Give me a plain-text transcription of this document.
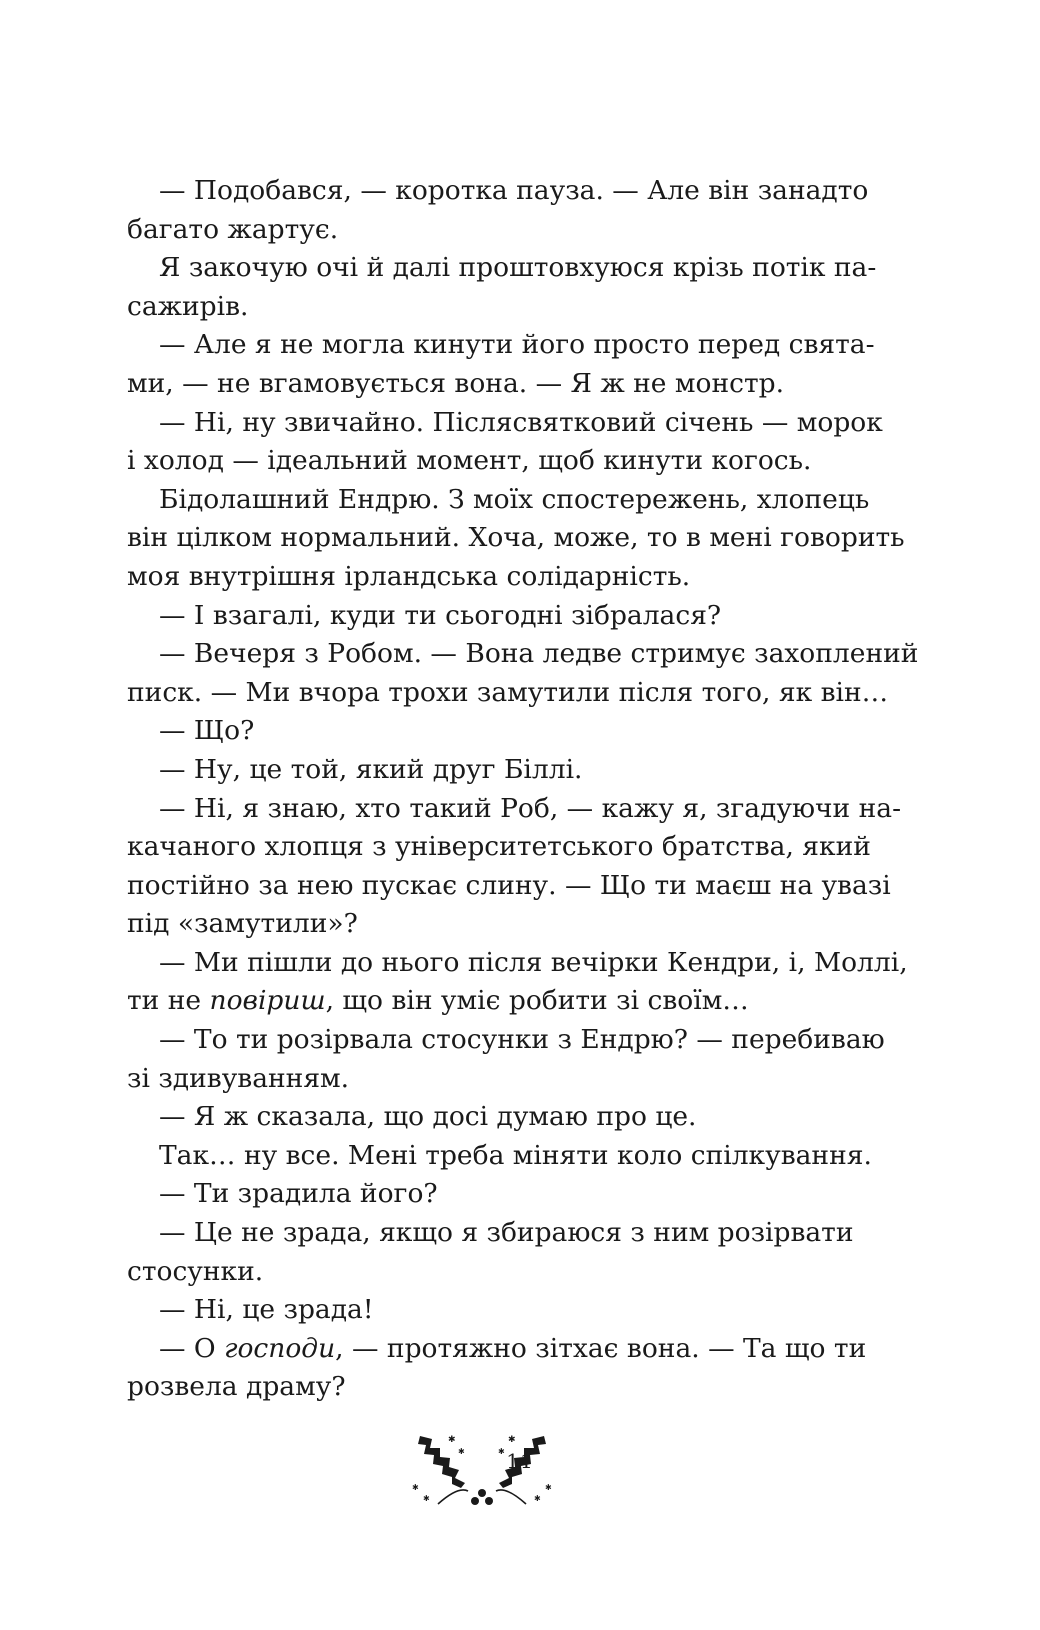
— Подобався, — коротка пауза. — Але він занадто
багато жартує.
Я закочую очі й далі проштовхуюся крізь потік па-
сажирів.
— Але я не могла кинути його просто перед свята-
ми, — не вгамовується вона. — Я ж не монстр.
— Ні, ну звичайно. Післясвятковий січень — морок
і холод — ідеальний момент, щоб кинути когось.
Бідолашний Ендрю. З моїх спостережень, хлопець
він цілком нормальний. Хоча, може, то в мені говорить
моя внутрішня ірландська солідарність.
— І взагалі, куди ти сьогодні зібралася?
— Вечеря з Робом. — Вона ледве стримує захоплений
писк. — Ми вчора трохи замутили після того, як він…
— Що?
— Ну, це той, який друг Біллі.
— Ні, я знаю, хто такий Роб, — кажу я, згадуючи на-
качаного хлопця з університетського братства, який
постійно за нею пускає слину. — Що ти маєш на увазі
під «замутили»?
— Ми пішли до нього після вечірки Кендри, і, Моллі,
ти не повіриш, що він уміє робити зі своїм…
— То ти розірвала стосунки з Ендрю? — перебиваю
зі здивуванням.
— Я ж сказала, що досі думаю про це.
Так… ну все. Мені треба міняти коло спілкування.
— Ти зрадила його?
— Це не зрада, якщо я збираюся з ним розірвати
стосунки.
— Ні, це зрада!
— О господи, — протяжно зітхає вона. — Та що ти
розвела драму?
✱
✱
✱
✱
✱
✱
✱
✱
11
